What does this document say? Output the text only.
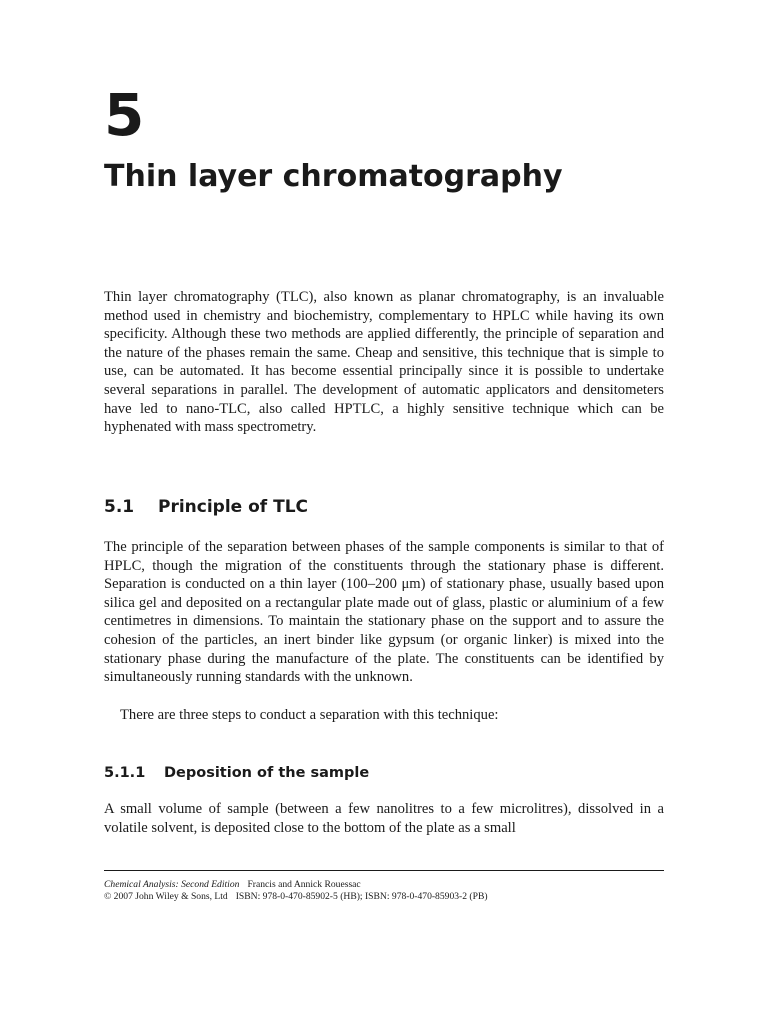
5
Thin layer chromatography

Thin layer chromatography (TLC), also known as planar chromatography, is an invaluable method used in chemistry and biochemistry, complementary to HPLC while having its own specificity. Although these two methods are applied differently, the principle of separation and the nature of the phases remain the same. Cheap and sensitive, this technique that is simple to use, can be automated. It has become essential principally since it is possible to undertake several separations in parallel. The development of automatic applicators and densitometers have led to nano-TLC, also called HPTLC, a highly sensitive technique which can be hyphenated with mass spectrometry.

5.1 Principle of TLC

The principle of the separation between phases of the sample components is similar to that of HPLC, though the migration of the constituents through the stationary phase is different. Separation is conducted on a thin layer (100–200 μm) of stationary phase, usually based upon silica gel and deposited on a rectangular plate made out of glass, plastic or aluminium of a few centimetres in dimensions. To maintain the stationary phase on the support and to assure the cohesion of the particles, an inert binder like gypsum (or organic linker) is mixed into the stationary phase during the manufacture of the plate. The constituents can be identified by simultaneously running standards with the unknown.

There are three steps to conduct a separation with this technique:

5.1.1 Deposition of the sample

A small volume of sample (between a few nanolitres to a few microlitres), dissolved in a volatile solvent, is deposited close to the bottom of the plate as a small

Chemical Analysis: Second Edition Francis and Annick Rouessac

© 2007 John Wiley & Sons, Ltd ISBN: 978-0-470-85902-5 (HB); ISBN: 978-0-470-85903-2 (PB)
